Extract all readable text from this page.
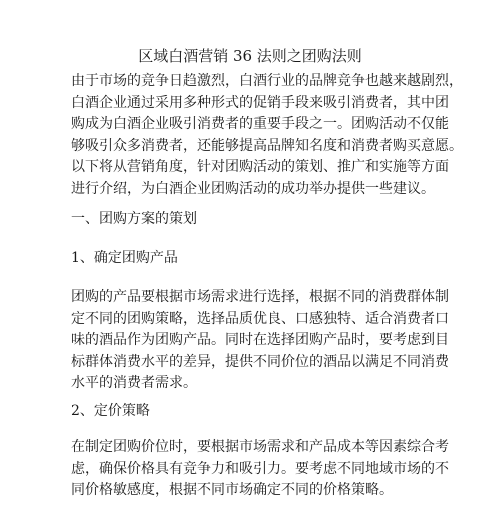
区域白酒营销 36 法则之团购法则
由于市场的竞争日趋激烈，白酒行业的品牌竞争也越来越剧烈，
白酒企业通过采用多种形式的促销手段来吸引消费者，其中团
购成为白酒企业吸引消费者的重要手段之一。团购活动不仅能
够吸引众多消费者，还能够提高品牌知名度和消费者购买意愿。
以下将从营销角度，针对团购活动的策划、推广和实施等方面
进行介绍，为白酒企业团购活动的成功举办提供一些建议。
一、团购方案的策划
1、确定团购产品
团购的产品要根据市场需求进行选择，根据不同的消费群体制
定不同的团购策略，选择品质优良、口感独特、适合消费者口
味的酒品作为团购产品。同时在选择团购产品时，要考虑到目
标群体消费水平的差异，提供不同价位的酒品以满足不同消费
水平的消费者需求。
2、定价策略
在制定团购价位时，要根据市场需求和产品成本等因素综合考
虑，确保价格具有竞争力和吸引力。要考虑不同地域市场的不
同价格敏感度，根据不同市场确定不同的价格策略。
